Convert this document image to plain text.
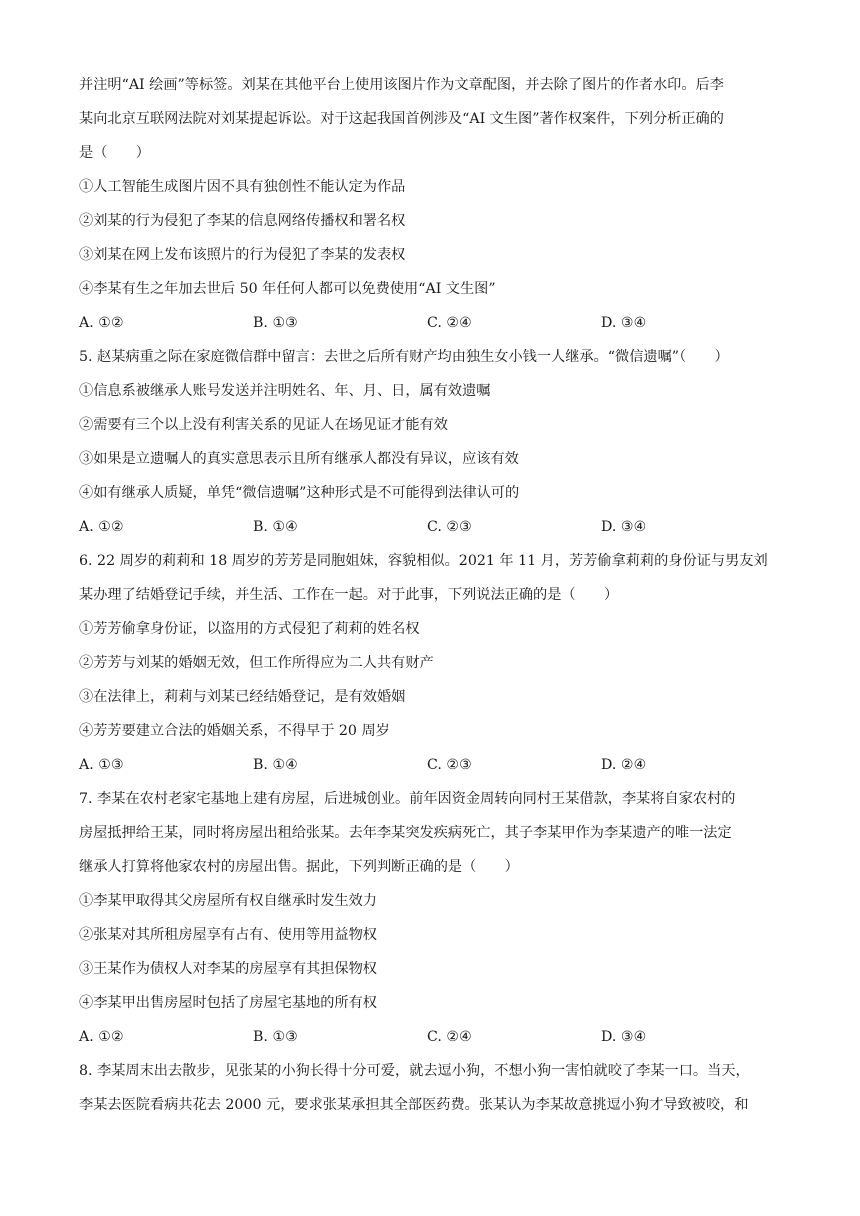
并注明“AI 绘画”等标签。刘某在其他平台上使用该图片作为文章配图，并去除了图片的作者水印。后李
某向北京互联网法院对刘某提起诉讼。对于这起我国首例涉及“AI 文生图”著作权案件，下列分析正确的
是（　　）
①人工智能生成图片因不具有独创性不能认定为作品
②刘某的行为侵犯了李某的信息网络传播权和署名权
③刘某在网上发布该照片的行为侵犯了李某的发表权
④李某有生之年加去世后 50 年任何人都可以免费使用“AI 文生图”
A. ①②	B. ①③	C. ②④	D. ③④
5. 赵某病重之际在家庭微信群中留言：去世之后所有财产均由独生女小钱一人继承。“微信遗嘱”（　　）
①信息系被继承人账号发送并注明姓名、年、月、日，属有效遗嘱
②需要有三个以上没有利害关系的见证人在场见证才能有效
③如果是立遗嘱人的真实意思表示且所有继承人都没有异议，应该有效
④如有继承人质疑，单凭“微信遗嘱”这种形式是不可能得到法律认可的
A. ①②	B. ①④	C. ②③	D. ③④
6. 22 周岁的莉莉和 18 周岁的芳芳是同胞姐妹，容貌相似。2021 年 11 月，芳芳偷拿莉莉的身份证与男友刘
某办理了结婚登记手续，并生活、工作在一起。对于此事，下列说法正确的是（　　）
①芳芳偷拿身份证，以盗用的方式侵犯了莉莉的姓名权
②芳芳与刘某的婚姻无效，但工作所得应为二人共有财产
③在法律上，莉莉与刘某已经结婚登记，是有效婚姻
④芳芳要建立合法的婚姻关系，不得早于 20 周岁
A. ①③	B. ①④	C. ②③	D. ②④
7. 李某在农村老家宅基地上建有房屋，后进城创业。前年因资金周转向同村王某借款，李某将自家农村的
房屋抵押给王某，同时将房屋出租给张某。去年李某突发疾病死亡，其子李某甲作为李某遗产的唯一法定
继承人打算将他家农村的房屋出售。据此，下列判断正确的是（　　）
①李某甲取得其父房屋所有权自继承时发生效力
②张某对其所租房屋享有占有、使用等用益物权
③王某作为债权人对李某的房屋享有其担保物权
④李某甲出售房屋时包括了房屋宅基地的所有权
A. ①②	B. ①③	C. ②④	D. ③④
8. 李某周末出去散步，见张某的小狗长得十分可爱，就去逗小狗，不想小狗一害怕就咬了李某一口。当天，
李某去医院看病共花去 2000 元，要求张某承担其全部医药费。张某认为李某故意挑逗小狗才导致被咬，和
